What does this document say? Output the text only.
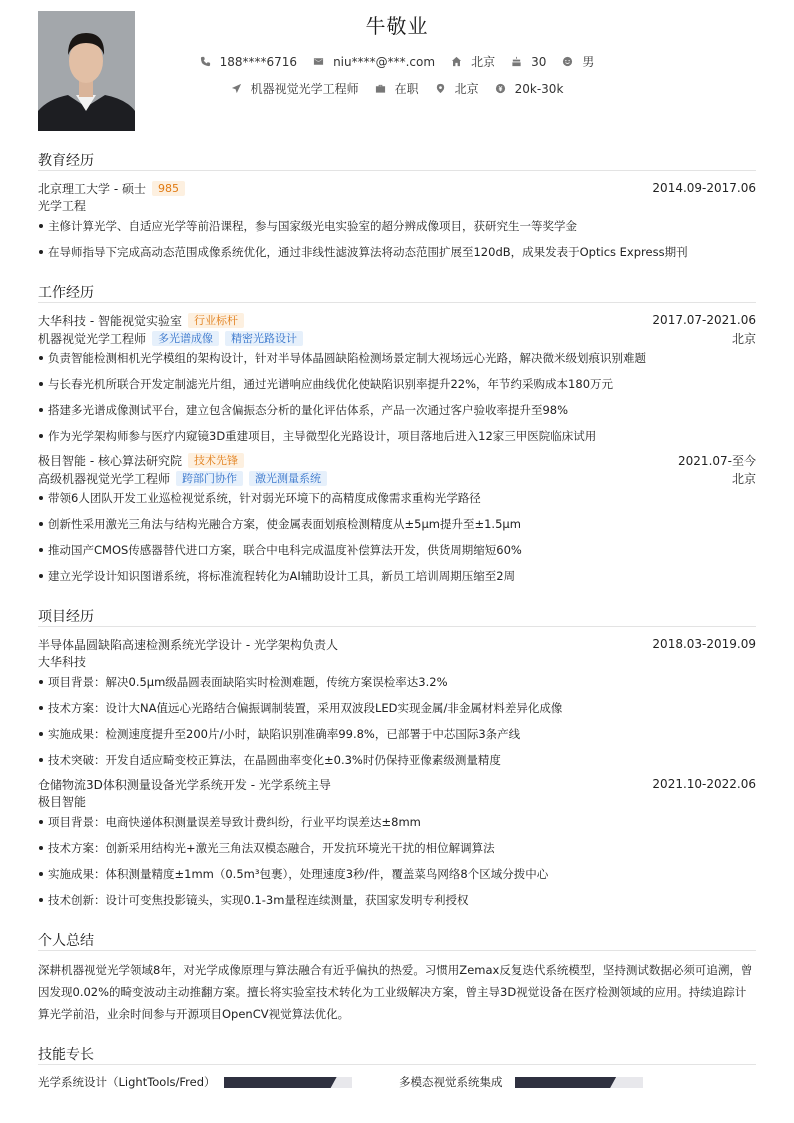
牛敬业
188****6716	niu****@***.com	北京	30	男
机器视觉光学工程师	在职	北京	20k-30k
教育经历
北京理工大学 - 硕士	985	2014.09-2017.06
光学工程
主修计算光学、自适应光学等前沿课程，参与国家级光电实验室的超分辨成像项目，获研究生一等奖学金
在导师指导下完成高动态范围成像系统优化，通过非线性滤波算法将动态范围扩展至120dB，成果发表于Optics Express期刊
工作经历
大华科技 - 智能视觉实验室	行业标杆	2017.07-2021.06
机器视觉光学工程师	多光谱成像	精密光路设计	北京
负责智能检测相机光学模组的架构设计，针对半导体晶圆缺陷检测场景定制大视场远心光路，解决微米级划痕识别难题
与长春光机所联合开发定制滤光片组，通过光谱响应曲线优化使缺陷识别率提升22%，年节约采购成本180万元
搭建多光谱成像测试平台，建立包含偏振态分析的量化评估体系，产品一次通过客户验收率提升至98%
作为光学架构师参与医疗内窥镜3D重建项目，主导微型化光路设计，项目落地后进入12家三甲医院临床试用
极目智能 - 核心算法研究院	技术先锋	2021.07-至今
高级机器视觉光学工程师	跨部门协作	激光测量系统	北京
带领6人团队开发工业巡检视觉系统，针对弱光环境下的高精度成像需求重构光学路径
创新性采用激光三角法与结构光融合方案，使金属表面划痕检测精度从±5μm提升至±1.5μm
推动国产CMOS传感器替代进口方案，联合中电科完成温度补偿算法开发，供货周期缩短60%
建立光学设计知识图谱系统，将标准流程转化为AI辅助设计工具，新员工培训周期压缩至2周
项目经历
半导体晶圆缺陷高速检测系统光学设计 - 光学架构负责人	2018.03-2019.09
大华科技
项目背景：解决0.5μm级晶圆表面缺陷实时检测难题，传统方案误检率达3.2%
技术方案：设计大NA值远心光路结合偏振调制装置，采用双波段LED实现金属/非金属材料差异化成像
实施成果：检测速度提升至200片/小时，缺陷识别准确率99.8%，已部署于中芯国际3条产线
技术突破：开发自适应畸变校正算法，在晶圆曲率变化±0.3%时仍保持亚像素级测量精度
仓储物流3D体积测量设备光学系统开发 - 光学系统主导	2021.10-2022.06
极目智能
项目背景：电商快递体积测量误差导致计费纠纷，行业平均误差达±8mm
技术方案：创新采用结构光+激光三角法双模态融合，开发抗环境光干扰的相位解调算法
实施成果：体积测量精度±1mm（0.5m³包裹），处理速度3秒/件，覆盖菜鸟网络8个区域分拨中心
技术创新：设计可变焦投影镜头，实现0.1-3m量程连续测量，获国家发明专利授权
个人总结
深耕机器视觉光学领域8年，对光学成像原理与算法融合有近乎偏执的热爱。习惯用Zemax反复迭代系统模型，坚持测试数据必须可追溯，曾因发现0.02%的畸变波动主动推翻方案。擅长将实验室技术转化为工业级解决方案，曾主导3D视觉设备在医疗检测领域的应用。持续追踪计算光学前沿，业余时间参与开源项目OpenCV视觉算法优化。
技能专长
光学系统设计（LightTools/Fred）	多模态视觉系统集成
